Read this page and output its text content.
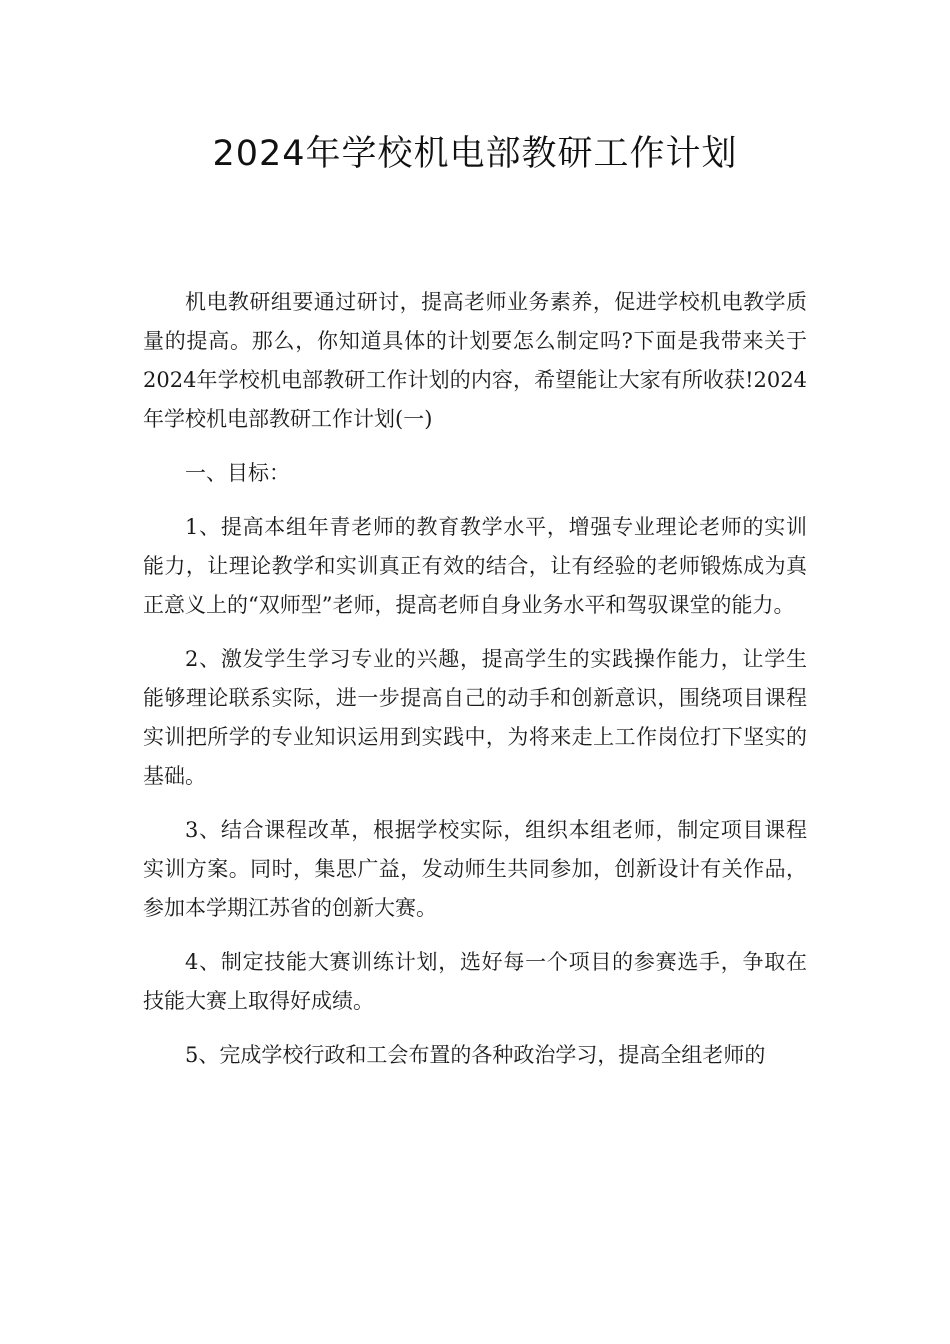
2024年学校机电部教研工作计划

机电教研组要通过研讨，提高老师业务素养，促进学校机电教学质量的提高。那么，你知道具体的计划要怎么制定吗?下面是我带来关于2024年学校机电部教研工作计划的内容，希望能让大家有所收获!2024年学校机电部教研工作计划(一)

一、目标：

1、提高本组年青老师的教育教学水平，增强专业理论老师的实训能力，让理论教学和实训真正有效的结合，让有经验的老师锻炼成为真正意义上的“双师型”老师，提高老师自身业务水平和驾驭课堂的能力。

2、激发学生学习专业的兴趣，提高学生的实践操作能力，让学生能够理论联系实际，进一步提高自己的动手和创新意识，围绕项目课程实训把所学的专业知识运用到实践中，为将来走上工作岗位打下坚实的基础。

3、结合课程改革，根据学校实际，组织本组老师，制定项目课程实训方案。同时，集思广益，发动师生共同参加，创新设计有关作品，参加本学期江苏省的创新大赛。

4、制定技能大赛训练计划，选好每一个项目的参赛选手，争取在技能大赛上取得好成绩。

5、完成学校行政和工会布置的各种政治学习，提高全组老师的
